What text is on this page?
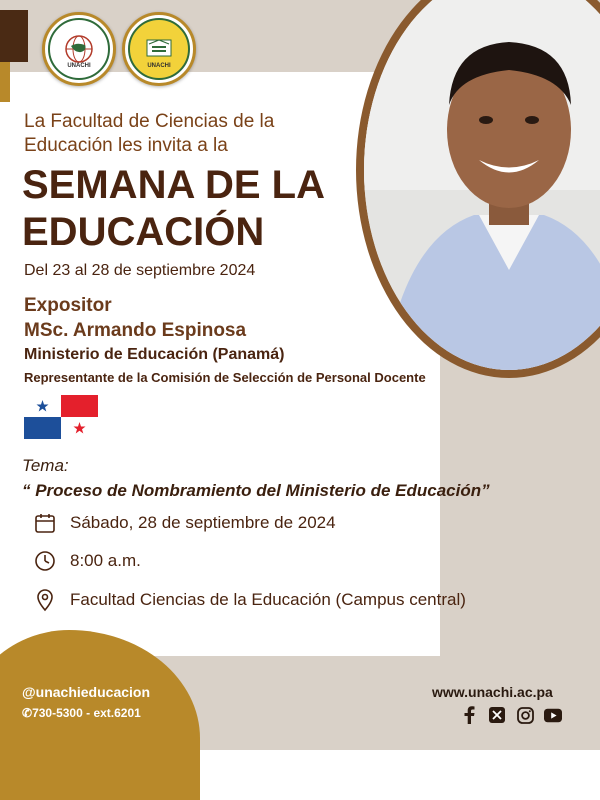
UNACHI	UNACHI
La Facultad de Ciencias de la Educación les invita a la
SEMANA DE LA
EDUCACIÓN
Del 23 al 28 de septiembre 2024
Expositor
MSc. Armando Espinosa
Ministerio de Educación (Panamá)
Representante de la Comisión de Selección de Personal Docente
Tema:
“ Proceso de Nombramiento del Ministerio de Educación”
Sábado, 28 de septiembre de 2024
8:00 a.m.
Facultad Ciencias de la Educación (Campus central)
@unachieducacion
✆730-5300 - ext.6201
www.unachi.ac.pa
